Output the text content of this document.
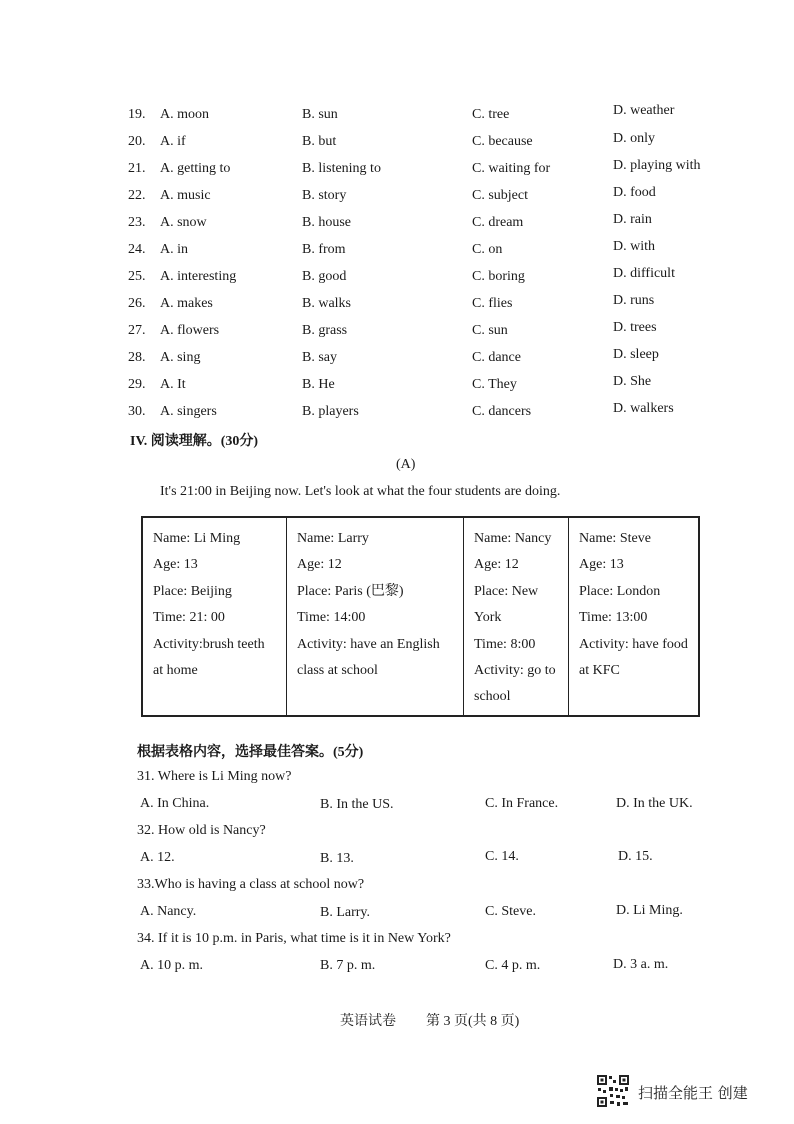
19. A. moon	B. sun	C. tree	D. weather
20. A. if	B. but	C. because	D. only
21. A. getting to	B. listening to	C. waiting for	D. playing with
22. A. music	B. story	C. subject	D. food
23. A. snow	B. house	C. dream	D. rain
24. A. in	B. from	C. on	D. with
25. A. interesting	B. good	C. boring	D. difficult
26. A. makes	B. walks	C. flies	D. runs
27. A. flowers	B. grass	C. sun	D. trees
28. A. sing	B. say	C. dance	D. sleep
29. A. It	B. He	C. They	D. She
30. A. singers	B. players	C. dancers	D. walkers
IV. 阅读理解。(30分)
(A)
It's 21:00 in Beijing now. Let's look at what the four students are doing.
Name: Li Ming
Age: 13
Place: Beijing
Time: 21: 00
Activity:brush teeth
at home

Name: Larry
Age: 12
Place: Paris (巴黎)
Time: 14:00
Activity: have an English
class at school

Name: Nancy
Age: 12
Place: New
York
Time: 8:00
Activity: go to
school

Name: Steve
Age: 13
Place: London
Time: 13:00
Activity: have food
at KFC
根据表格内容，选择最佳答案。(5分)
31. Where is Li Ming now?
A. In China.	B. In the US.	C. In France.	D. In the UK.
32. How old is Nancy?
A. 12.	B. 13.	C. 14.	D. 15.
33.Who is having a class at school now?
A. Nancy.	B. Larry.	C. Steve.	D. Li Ming.
34. If it is 10 p.m. in Paris, what time is it in New York?
A. 10 p. m.	B. 7 p. m.	C. 4 p. m.	D. 3 a. m.
英语试卷 第 3 页(共 8 页)
扫描全能王 创建
